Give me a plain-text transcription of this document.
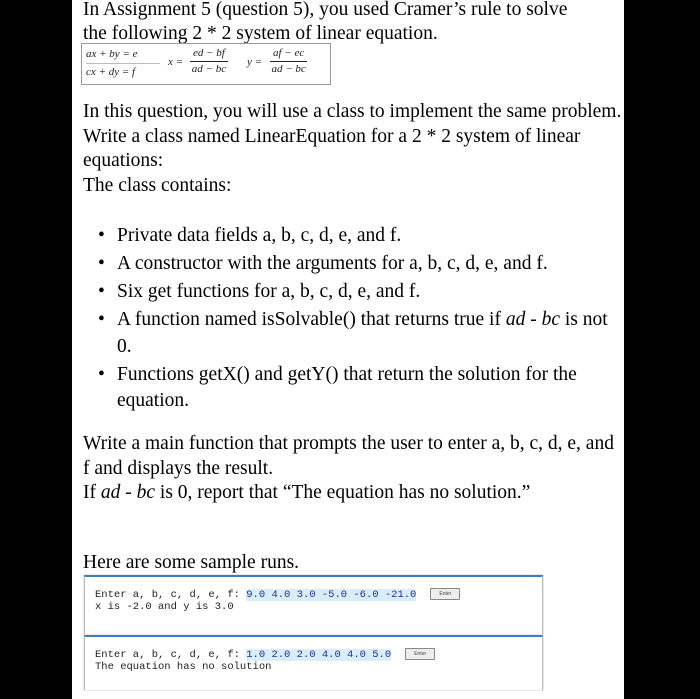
In Assignment 5 (question 5), you used Cramer’s rule to solve
the following 2 * 2 system of linear equation.
ax + by = e
cx + dy = f
$x = \frac{ed - bf}{ad - bc}$ $y = \frac{af - ec}{ad - bc}$

In this question, you will use a class to implement the same problem.

Write a class named LinearEquation for a 2 * 2 system of linear equations:

The class contains:

• Private data fields a, b, c, d, e, and f.
• A constructor with the arguments for a, b, c, d, e, and f.
• Six get functions for a, b, c, d, e, and f.
• A function named isSolvable() that returns true if ad - bc is not 0.
• Functions getX() and getY() that return the solution for the equation.

Write a main function that prompts the user to enter a, b, c, d, e, and f and displays the result.

If ad - bc is 0, report that “The equation has no solution.”

Here are some sample runs.
Enter a, b, c, d, e, f: 9.0 4.0 3.0 -5.0 -6.0 -21.0	Enter
x is -2.0 and y is 3.0
Enter a, b, c, d, e, f: 1.0 2.0 2.0 4.0 4.0 5.0	Enter
The equation has no solution
